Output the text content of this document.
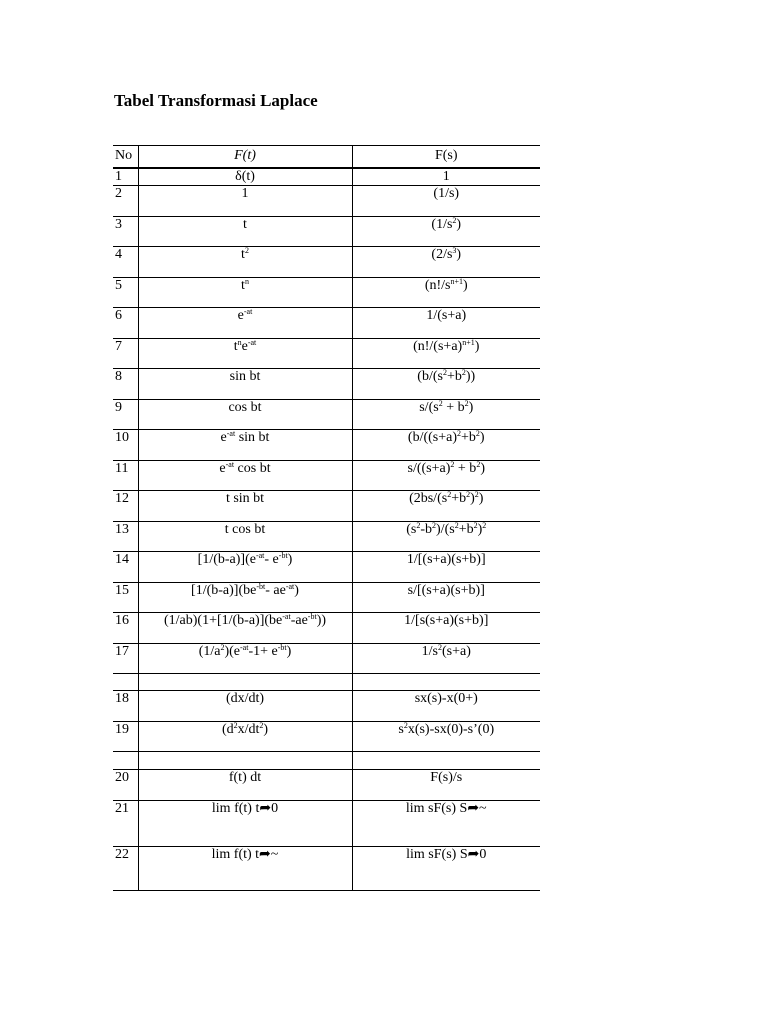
Tabel Transformasi Laplace
No	F(t)	F(s)
1	δ(t)	1
2	1	(1/s)
3	t	$(1/s^2)$
4	$t^2$	$(2/s^3)$
5	$t^n$	$(n!/s^{n+1})$
6	$e^{-at}$	1/(s+a)
7	$t^ne^{-at}$	$(n!/(s+a)^{n+1})$
8	sin bt	$(b/(s^2+b^2))$
9	cos bt	$s/(s^2 + b^2)$
10	$e^{-at}$ sin bt	($b/((s+a)^2+b^2)$
11	$e^{-at}$ cos bt	$s/((s+a)^2 + b^2)$
12	t sin bt	$(2bs/(s^2+b^2)^2)$
13	t cos bt	$(s^2-b^2)/(s^2+b^2)^2$
14	$[1/(b-a)](e^{-at}-$ $e^{-bt}$)	1/[(s+a)(s+b)]
15	$[1/(b-a)](be^{-bt}-$ $ae^{-at}$)	s/[(s+a)(s+b)]
16	$(1/ab)(1+[1/(b-a)](be^{-at}-ae^{-bt}))$	1/[s(s+a)(s+b)]
17	$(1/a^2)(e^{-at}-1+ e^{-bt})$	$1/s^2(s+a)$

18	(dx/dt)	sx(s)-x(0+)
19	$(d^2x/dt^2)$	$s^2x(s)-sx(0)-s’(0)$

20	f(t) dt	F(s)/s
21	lim f(t) t➦0	lim sF(s) S➦~
22	lim f(t) t➦~	lim sF(s) S➦0
